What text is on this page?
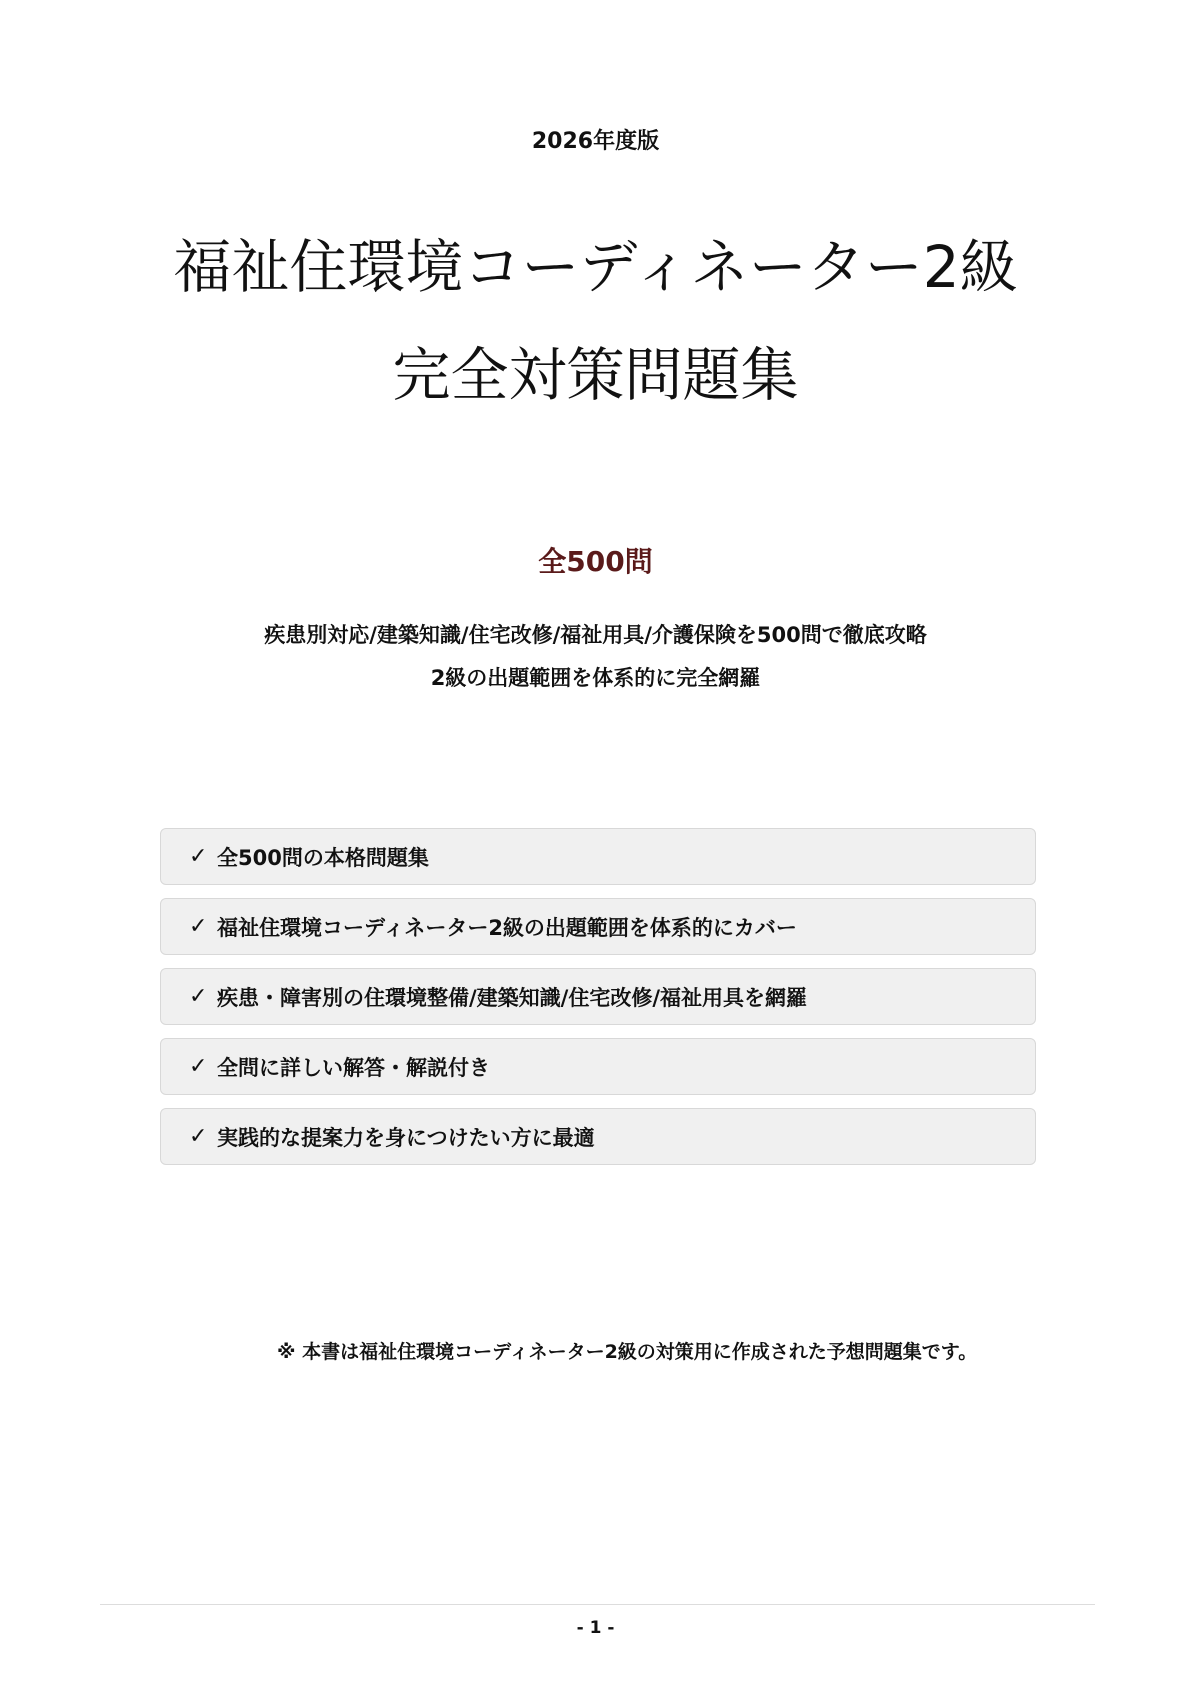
2026年度版
福祉住環境コーディネーター2級
完全対策問題集
全500問
疾患別対応/建築知識/住宅改修/福祉用具/介護保険を500問で徹底攻略
2級の出題範囲を体系的に完全網羅
✓ 全500問の本格問題集
✓ 福祉住環境コーディネーター2級の出題範囲を体系的にカバー
✓ 疾患・障害別の住環境整備/建築知識/住宅改修/福祉用具を網羅
✓ 全問に詳しい解答・解説付き
✓ 実践的な提案力を身につけたい方に最適
※ 本書は福祉住環境コーディネーター2級の対策用に作成された予想問題集です。
- 1 -
